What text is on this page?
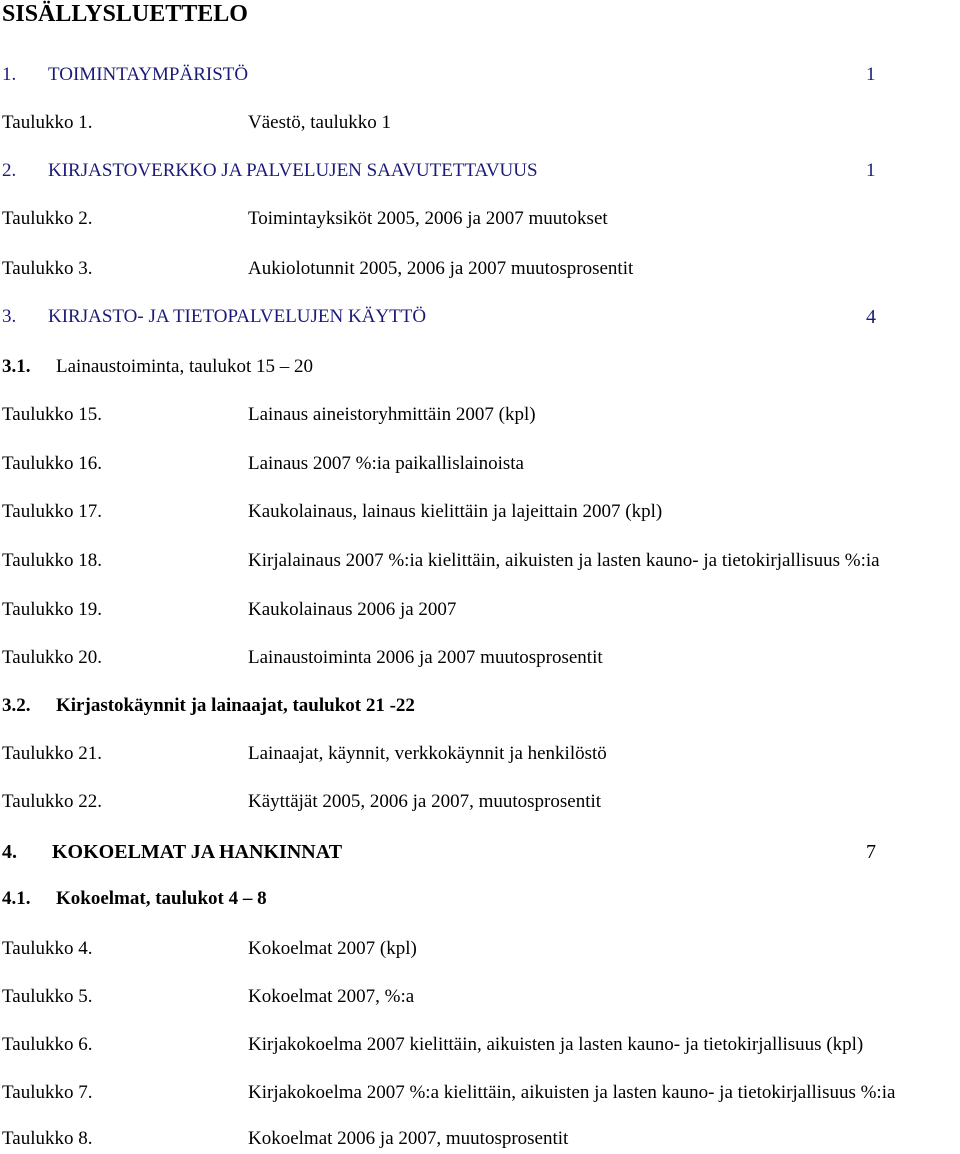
SISÄLLYSLUETTELO
1. TOIMINTAYMPÄRISTÖ	1
Taulukko 1.	Väestö, taulukko 1
2. KIRJASTOVERKKO JA PALVELUJEN SAAVUTETTAVUUS	1
Taulukko 2.	Toimintayksiköt 2005, 2006 ja 2007 muutokset
Taulukko 3.	Aukiolotunnit 2005, 2006 ja 2007 muutosprosentit
3. KIRJASTO- JA TIETOPALVELUJEN KÄYTTÖ	4
3.1. Lainaustoiminta, taulukot 15 – 20
Taulukko 15.	Lainaus aineistoryhmittäin 2007 (kpl)
Taulukko 16.	Lainaus 2007 %:ia paikallislainoista
Taulukko 17.	Kaukolainaus, lainaus kielittäin ja lajeittain 2007 (kpl)
Taulukko 18.	Kirjalainaus 2007 %:ia kielittäin, aikuisten ja lasten kauno- ja tietokirjallisuus %:ia
Taulukko 19.	Kaukolainaus 2006 ja 2007
Taulukko 20.	Lainaustoiminta 2006 ja 2007 muutosprosentit
3.2. Kirjastokäynnit ja lainaajat, taulukot 21 -22
Taulukko 21.	Lainaajat, käynnit, verkkokäynnit ja henkilöstö
Taulukko 22.	Käyttäjät 2005, 2006 ja 2007, muutosprosentit
4. KOKOELMAT JA HANKINNAT	7
4.1. Kokoelmat, taulukot 4 – 8
Taulukko 4.	Kokoelmat 2007 (kpl)
Taulukko 5.	Kokoelmat 2007, %:a
Taulukko 6.	Kirjakokoelma 2007 kielittäin, aikuisten ja lasten kauno- ja tietokirjallisuus (kpl)
Taulukko 7.	Kirjakokoelma 2007 %:a kielittäin, aikuisten ja lasten kauno- ja tietokirjallisuus %:ia
Taulukko 8.	Kokoelmat 2006 ja 2007, muutosprosentit
